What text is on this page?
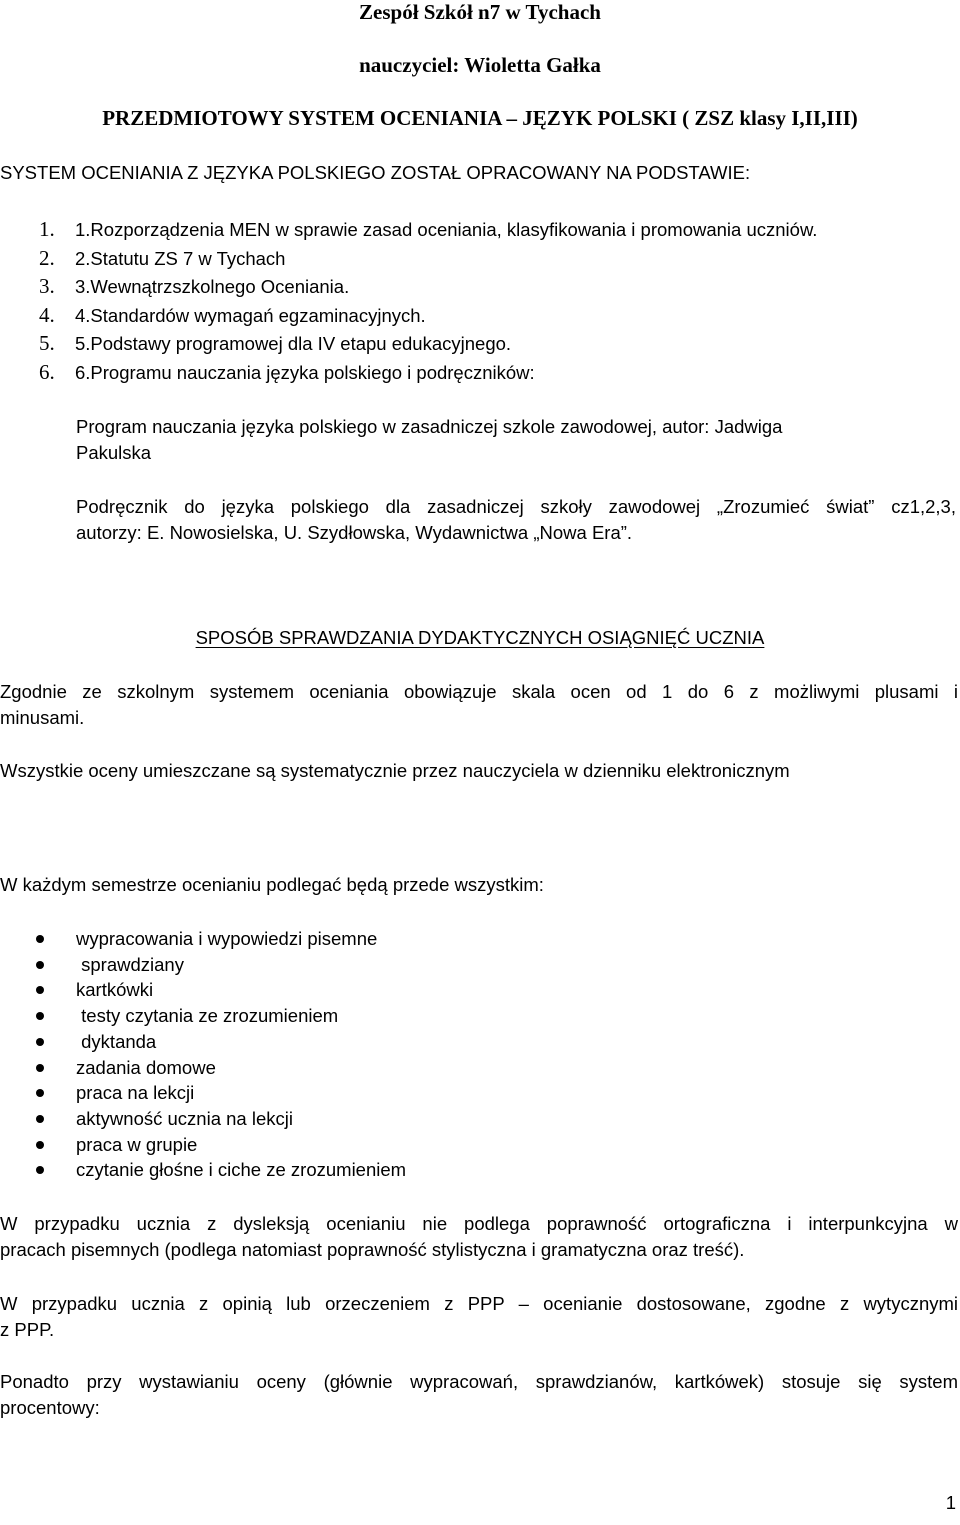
Zespół Szkół n7 w Tychach
nauczyciel: Wioletta Gałka
PRZEDMIOTOWY SYSTEM OCENIANIA – JĘZYK POLSKI ( ZSZ klasy I,II,III)
SYSTEM OCENIANIA Z JĘZYKA POLSKIEGO ZOSTAŁ OPRACOWANY NA PODSTAWIE:
1.	1.Rozporządzenia MEN w sprawie zasad oceniania, klasyfikowania i promowania uczniów.
2.	2.Statutu ZS 7 w Tychach
3.	3.Wewnątrzszkolnego Oceniania.
4.	4.Standardów wymagań egzaminacyjnych.
5.	5.Podstawy programowej dla IV etapu edukacyjnego.
6.	6.Programu nauczania języka polskiego i podręczników:
Program nauczania języka polskiego w zasadniczej szkole zawodowej, autor: Jadwiga
Pakulska
Podręcznik do języka polskiego dla zasadniczej szkoły zawodowej „Zrozumieć świat” cz1,2,3,
autorzy: E. Nowosielska, U. Szydłowska, Wydawnictwa „Nowa Era”.
SPOSÓB SPRAWDZANIA DYDAKTYCZNYCH OSIĄGNIĘĆ UCZNIA
Zgodnie ze szkolnym systemem oceniania obowiązuje skala ocen od 1 do 6 z możliwymi plusami i
minusami.
Wszystkie oceny umieszczane są systematycznie przez nauczyciela w dzienniku elektronicznym
W każdym semestrze ocenianiu podlegać będą przede wszystkim:
wypracowania i wypowiedzi pisemne
sprawdziany
kartkówki
testy czytania ze zrozumieniem
dyktanda
zadania domowe
praca na lekcji
aktywność ucznia na lekcji
praca w grupie
czytanie głośne i ciche ze zrozumieniem
W przypadku ucznia z dysleksją ocenianiu nie podlega poprawność ortograficzna i interpunkcyjna w
pracach pisemnych (podlega natomiast poprawność stylistyczna i gramatyczna oraz treść).
W przypadku ucznia z opinią lub orzeczeniem z PPP – ocenianie dostosowane, zgodne z wytycznymi
z PPP.
Ponadto przy wystawianiu oceny (głównie wypracowań, sprawdzianów, kartkówek) stosuje się system
procentowy:
1
